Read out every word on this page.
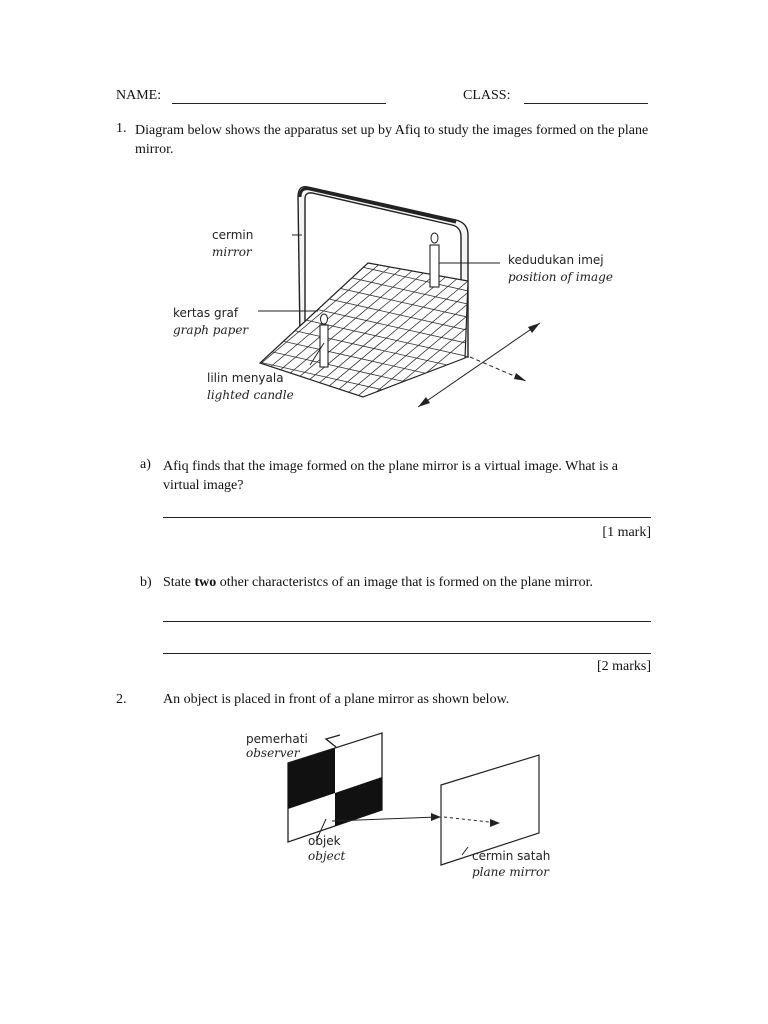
NAME:	CLASS:
1. Diagram below shows the apparatus set up by Afiq to study the images formed on the plane mirror.
cermin
mirror
kedudukan imej
position of image
kertas graf
graph paper
lilin menyala
lighted candle
a) Afiq finds that the image formed on the plane mirror is a virtual image. What is a virtual image?
[1 mark]
b) State two other characteristcs of an image that is formed on the plane mirror.
[2 marks]
2.	An object is placed in front of a plane mirror as shown below.
pemerhati
observer
objek
object	cermin satah
plane mirror
